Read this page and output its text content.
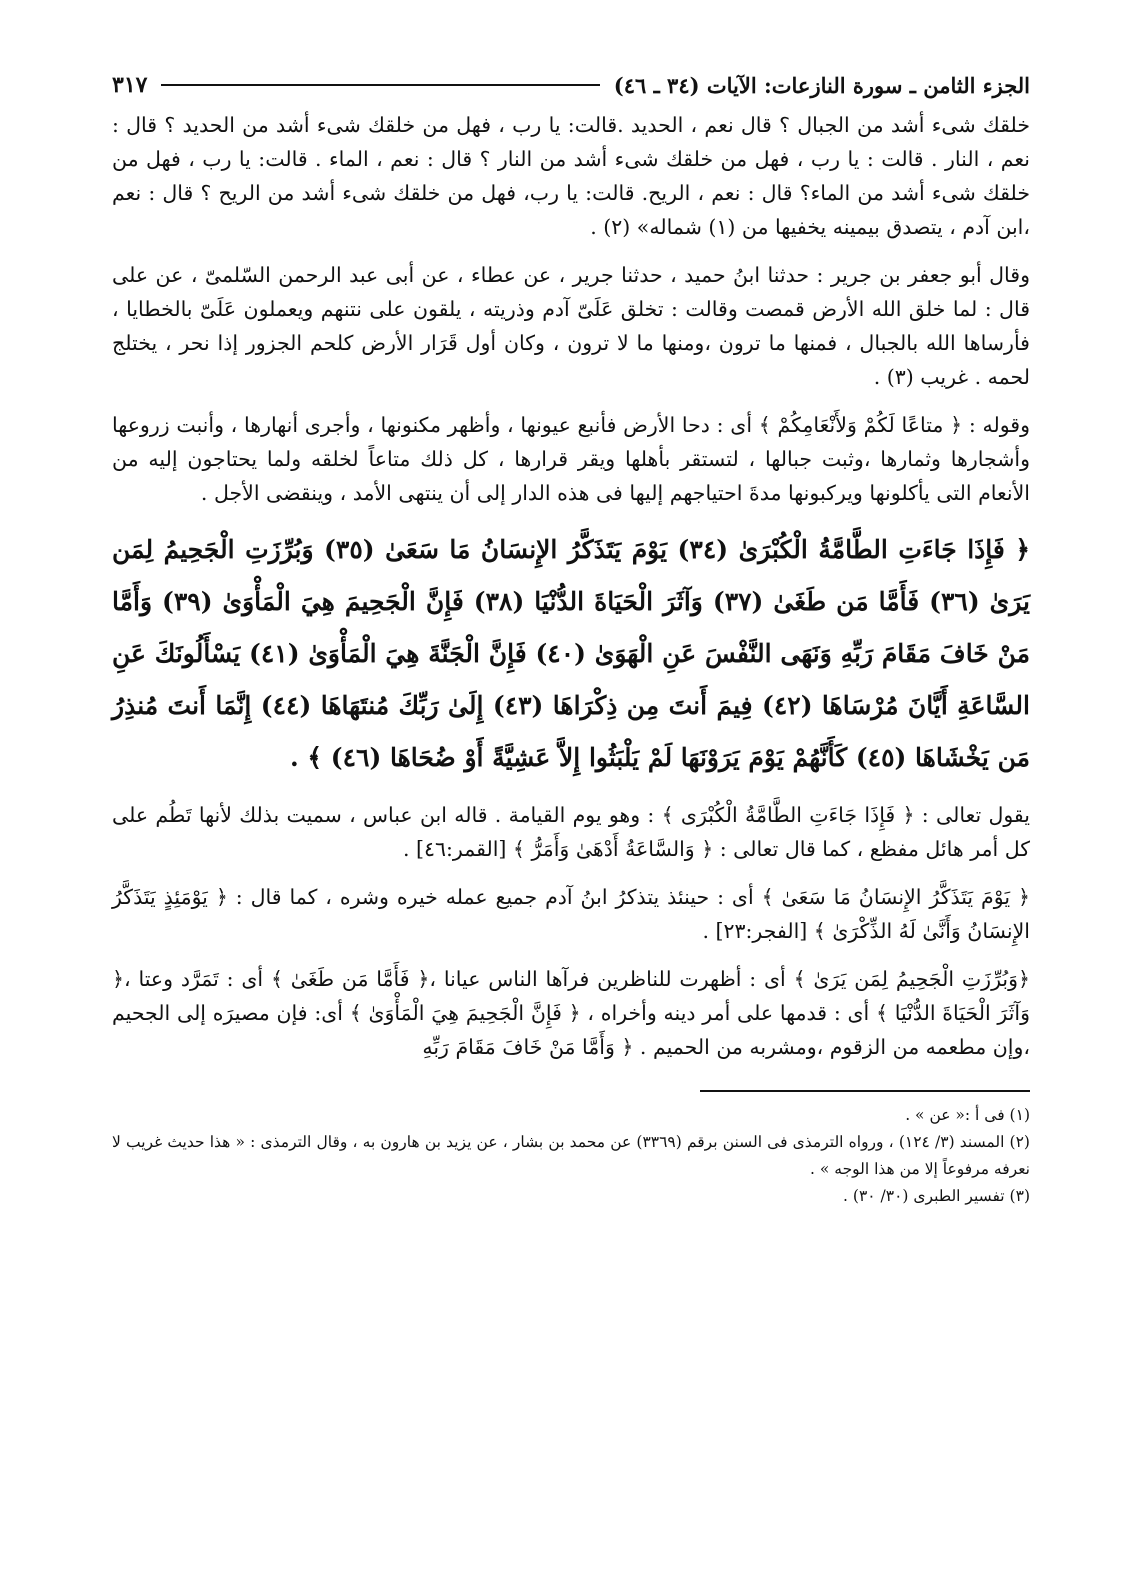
الجزء الثامن ـ سورة النازعات: الآيات (٣٤ ـ ٤٦)
٣١٧

خلقك شىء أشد من الجبال ؟ قال نعم ، الحديد .قالت: يا رب ، فهل من خلقك شىء أشد من الحديد ؟ قال : نعم ، النار . قالت : يا رب ، فهل من خلقك شىء أشد من النار ؟ قال : نعم ، الماء . قالت: يا رب ، فهل من خلقك شىء أشد من الماء؟ قال : نعم ، الريح. قالت: يا رب، فهل من خلقك شىء أشد من الريح ؟ قال : نعم ،ابن آدم ، يتصدق بيمينه يخفيها من (١) شماله» (٢) .

وقال أبو جعفر بن جرير : حدثنا ابنُ حميد ، حدثنا جرير ، عن عطاء ، عن أبى عبد الرحمن السّلمىّ ، عن على قال : لما خلق الله الأرض قمصت وقالت : تخلق عَلَىّ آدم وذريته ، يلقون على نتنهم ويعملون عَلَىّ بالخطايا ، فأرساها الله بالجبال ، فمنها ما ترون ،ومنها ما لا ترون ، وكان أول قَرَار الأرض كلحم الجزور إذا نحر ، يختلج لحمه . غريب (٣) .

وقوله : ﴿ متاعًا لَكُمْ وَلأَنْعَامِكُمْ ﴾ أى : دحا الأرض فأنبع عيونها ، وأظهر مكنونها ، وأجرى أنهارها ، وأنبت زروعها وأشجارها وثمارها ،وثبت جبالها ، لتستقر بأهلها ويقر قرارها ، كل ذلك متاعاً لخلقه ولما يحتاجون إليه من الأنعام التى يأكلونها ويركبونها مدةَ احتياجهم إليها فى هذه الدار إلى أن ينتهى الأمد ، وينقضى الأجل .

﴿ فَإِذَا جَاءَتِ الطَّامَّةُ الْكُبْرَىٰ (٣٤) يَوْمَ يَتَذَكَّرُ الإِنسَانُ مَا سَعَىٰ (٣٥) وَبُرِّزَتِ الْجَحِيمُ لِمَن يَرَىٰ (٣٦) فَأَمَّا مَن طَغَىٰ (٣٧) وَآثَرَ الْحَيَاةَ الدُّنْيَا (٣٨) فَإِنَّ الْجَحِيمَ هِيَ الْمَأْوَىٰ (٣٩) وَأَمَّا مَنْ خَافَ مَقَامَ رَبِّهِ وَنَهَى النَّفْسَ عَنِ الْهَوَىٰ (٤٠) فَإِنَّ الْجَنَّةَ هِيَ الْمَأْوَىٰ (٤١) يَسْأَلُونَكَ عَنِ السَّاعَةِ أَيَّانَ مُرْسَاهَا (٤٢) فِيمَ أَنتَ مِن ذِكْرَاهَا (٤٣) إِلَىٰ رَبِّكَ مُنتَهَاهَا (٤٤) إِنَّمَا أَنتَ مُنذِرُ مَن يَخْشَاهَا (٤٥) كَأَنَّهُمْ يَوْمَ يَرَوْنَهَا لَمْ يَلْبَثُوا إِلاَّ عَشِيَّةً أَوْ ضُحَاهَا (٤٦) ﴾ .

يقول تعالى : ﴿ فَإِذَا جَاءَتِ الطَّامَّةُ الْكُبْرَى ﴾ : وهو يوم القيامة . قاله ابن عباس ، سميت بذلك لأنها تَطُم على كل أمر هائل مفظع ، كما قال تعالى : ﴿ وَالسَّاعَةُ أَدْهَىٰ وَأَمَرُّ ﴾ [القمر:٤٦] .

﴿ يَوْمَ يَتَذَكَّرُ الإِنسَانُ مَا سَعَىٰ ﴾ أى : حينئذ يتذكرُ ابنُ آدم جميع عمله خيره وشره ، كما قال : ﴿ يَوْمَئِذٍ يَتَذَكَّرُ الإِنسَانُ وَأَنَّىٰ لَهُ الذِّكْرَىٰ ﴾ [الفجر:٢٣] .

﴿وَبُرِّزَتِ الْجَحِيمُ لِمَن يَرَىٰ ﴾ أى : أظهرت للناظرين فرآها الناس عيانا ،﴿ فَأَمَّا مَن طَغَىٰ ﴾ أى : تَمَرَّد وعتا ،﴿ وَآثَرَ الْحَيَاةَ الدُّنْيَا ﴾ أى : قدمها على أمر دينه وأخراه ، ﴿ فَإِنَّ الْجَحِيمَ هِيَ الْمَأْوَىٰ ﴾ أى: فإن مصيرَه إلى الجحيم ،وإن مطعمه من الزقوم ،ومشربه من الحميم . ﴿ وَأَمَّا مَنْ خَافَ مَقَامَ رَبِّهِ

(١) فى أ :« عن » .

(٢) المسند (٣/ ١٢٤) ، ورواه الترمذى فى السنن برقم (٣٣٦٩) عن محمد بن بشار ، عن يزيد بن هارون به ، وقال الترمذى : « هذا حديث غريب لا نعرفه مرفوعاً إلا من هذا الوجه » .

(٣) تفسير الطبرى (٣٠/ ٣٠) .
